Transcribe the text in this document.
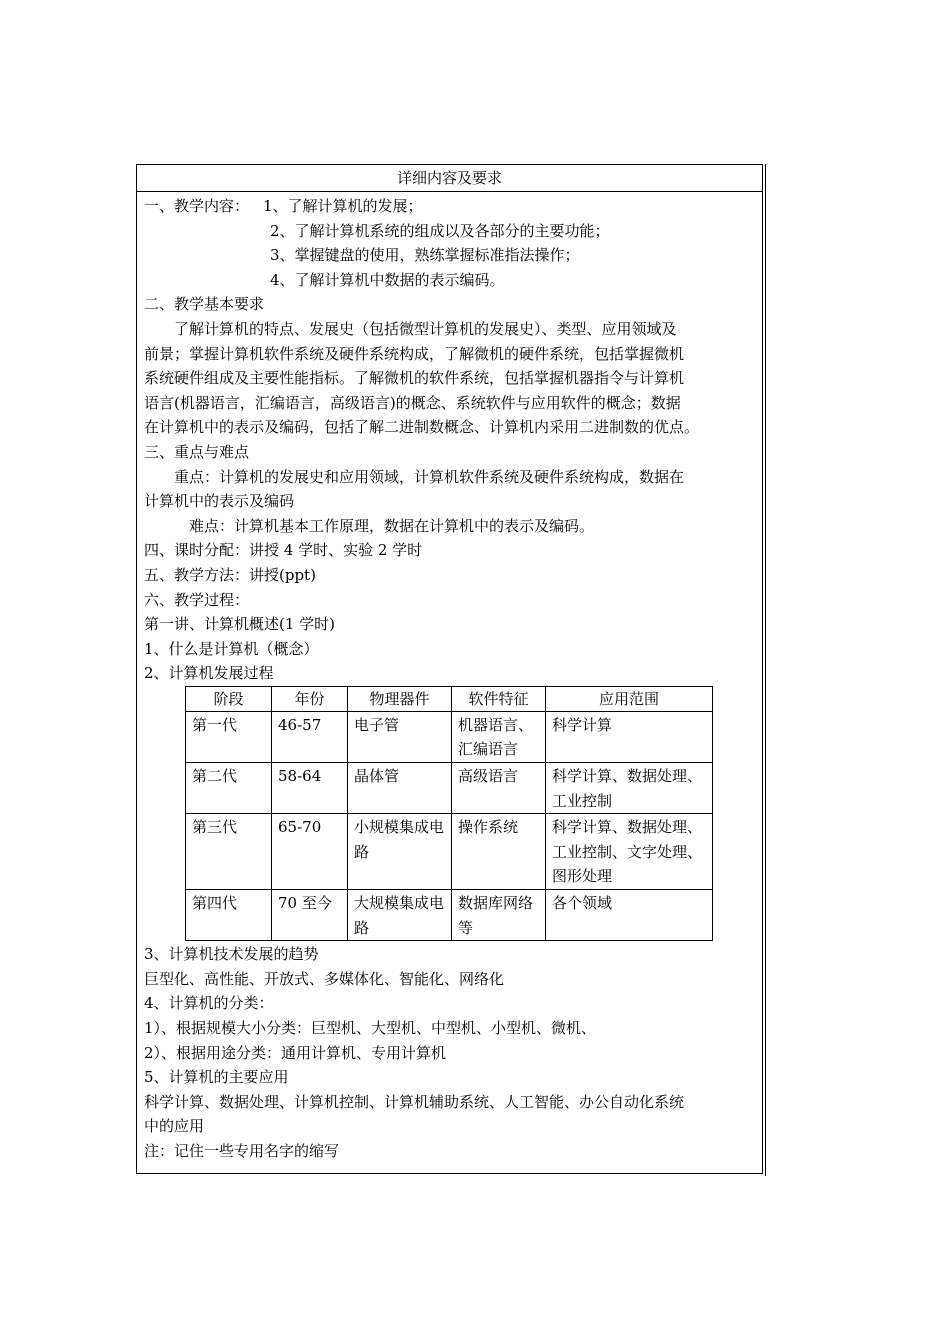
详细内容及要求
一、教学内容： 1、了解计算机的发展；
2、了解计算机系统的组成以及各部分的主要功能；
3、掌握键盘的使用，熟练掌握标准指法操作；
4、了解计算机中数据的表示编码。
二、教学基本要求
了解计算机的特点、发展史（包括微型计算机的发展史）、类型、应用领域及
前景；掌握计算机软件系统及硬件系统构成，了解微机的硬件系统，包括掌握微机
系统硬件组成及主要性能指标。了解微机的软件系统，包括掌握机器指令与计算机
语言(机器语言，汇编语言，高级语言)的概念、系统软件与应用软件的概念；数据
在计算机中的表示及编码，包括了解二进制数概念、计算机内采用二进制数的优点。
三、重点与难点
重点：计算机的发展史和应用领域，计算机软件系统及硬件系统构成，数据在
计算机中的表示及编码
难点：计算机基本工作原理，数据在计算机中的表示及编码。
四、课时分配：讲授 4 学时、实验 2 学时
五、教学方法：讲授(ppt)
六、教学过程：
第一讲、计算机概述(1 学时)
1、什么是计算机（概念）
2、计算机发展过程
阶段	年份	物理器件	软件特征	应用范围
第一代	46-57	电子管	机器语言、汇编语言	科学计算
第二代	58-64	晶体管	高级语言	科学计算、数据处理、工业控制
第三代	65-70	小规模集成电路	操作系统	科学计算、数据处理、工业控制、文字处理、图形处理
第四代	70 至今	大规模集成电路	数据库网络等	各个领域
3、计算机技术发展的趋势
巨型化、高性能、开放式、多媒体化、智能化、网络化
4、计算机的分类：
1）、根据规模大小分类：巨型机、大型机、中型机、小型机、微机、
2）、根据用途分类：通用计算机、专用计算机
5、计算机的主要应用
科学计算、数据处理、计算机控制、计算机辅助系统、人工智能、办公自动化系统
中的应用
注：记住一些专用名字的缩写
